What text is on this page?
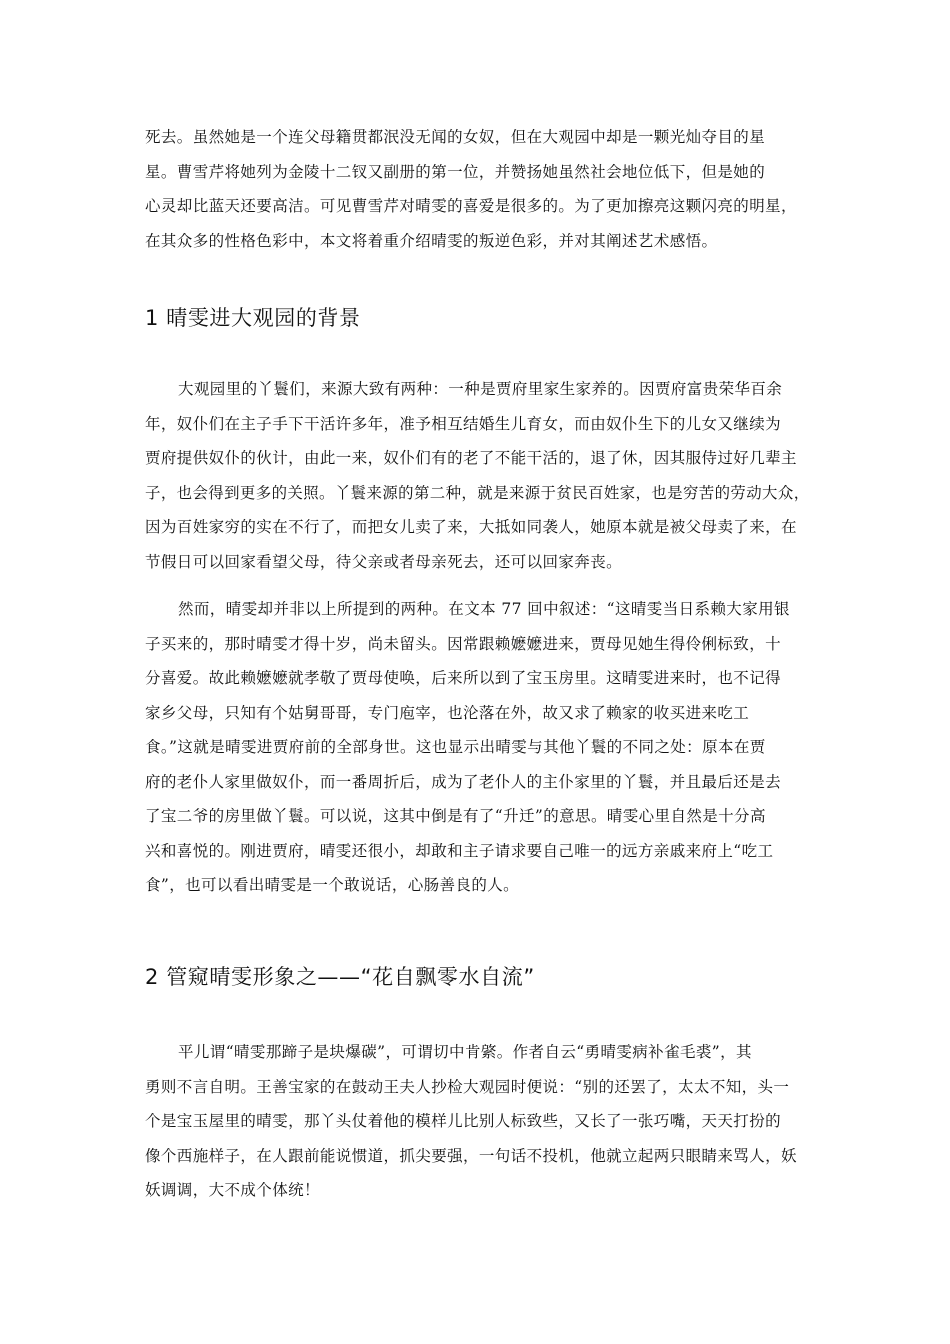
死去。虽然她是一个连父母籍贯都泯没无闻的女奴，但在大观园中却是一颗光灿夺目的星
星。曹雪芹将她列为金陵十二钗又副册的第一位，并赞扬她虽然社会地位低下，但是她的
心灵却比蓝天还要高洁。可见曹雪芹对晴雯的喜爱是很多的。为了更加擦亮这颗闪亮的明星，
在其众多的性格色彩中，本文将着重介绍晴雯的叛逆色彩，并对其阐述艺术感悟。
1 晴雯进大观园的背景
大观园里的丫鬟们，来源大致有两种：一种是贾府里家生家养的。因贾府富贵荣华百余
年，奴仆们在主子手下干活许多年，准予相互结婚生儿育女，而由奴仆生下的儿女又继续为
贾府提供奴仆的伙计，由此一来，奴仆们有的老了不能干活的，退了休，因其服侍过好几辈主
子，也会得到更多的关照。丫鬟来源的第二种，就是来源于贫民百姓家，也是穷苦的劳动大众，
因为百姓家穷的实在不行了，而把女儿卖了来，大抵如同袭人，她原本就是被父母卖了来，在
节假日可以回家看望父母，待父亲或者母亲死去，还可以回家奔丧。
然而，晴雯却并非以上所提到的两种。在文本 77 回中叙述：“这晴雯当日系赖大家用银
子买来的，那时晴雯才得十岁，尚未留头。因常跟赖嬷嬷进来，贾母见她生得伶俐标致，十
分喜爱。故此赖嬷嬷就孝敬了贾母使唤，后来所以到了宝玉房里。这晴雯进来时，也不记得
家乡父母，只知有个姑舅哥哥，专门庖宰，也沦落在外，故又求了赖家的收买进来吃工
食。”这就是晴雯进贾府前的全部身世。这也显示出晴雯与其他丫鬟的不同之处：原本在贾
府的老仆人家里做奴仆，而一番周折后，成为了老仆人的主仆家里的丫鬟，并且最后还是去
了宝二爷的房里做丫鬟。可以说，这其中倒是有了“升迁”的意思。晴雯心里自然是十分高
兴和喜悦的。刚进贾府，晴雯还很小，却敢和主子请求要自己唯一的远方亲戚来府上“吃工
食”，也可以看出晴雯是一个敢说话，心肠善良的人。
2 管窥晴雯形象之——“花自飘零水自流”
平儿谓“晴雯那蹄子是块爆碳”，可谓切中肯綮。作者自云“勇晴雯病补雀毛裘”，其
勇则不言自明。王善宝家的在鼓动王夫人抄检大观园时便说：“别的还罢了，太太不知，头一
个是宝玉屋里的晴雯，那丫头仗着他的模样儿比别人标致些，又长了一张巧嘴，天天打扮的
像个西施样子，在人跟前能说惯道，抓尖要强，一句话不投机，他就立起两只眼睛来骂人，妖
妖调调，大不成个体统！
